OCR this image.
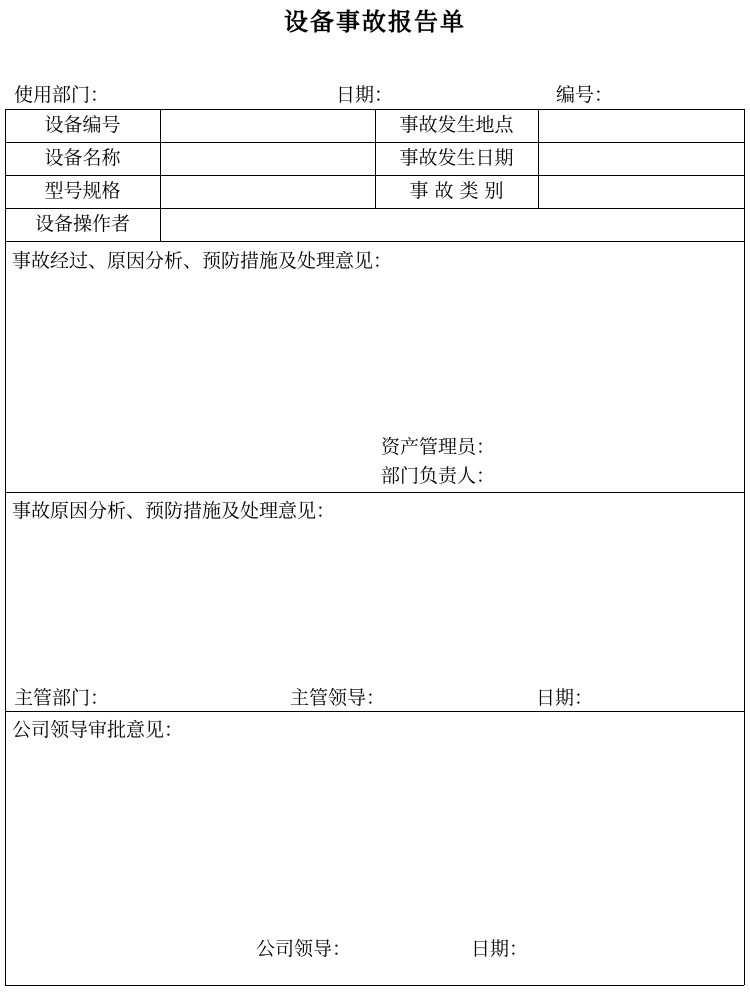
设备事故报告单
使用部门：	日期：	编号：
设备编号	事故发生地点
设备名称	事故发生日期
型号规格	事 故 类 别
设备操作者
事故经过、原因分析、预防措施及处理意见：
资产管理员：
部门负责人：
事故原因分析、预防措施及处理意见：
主管部门：	主管领导：	日期：
公司领导审批意见：
公司领导：	日期：
